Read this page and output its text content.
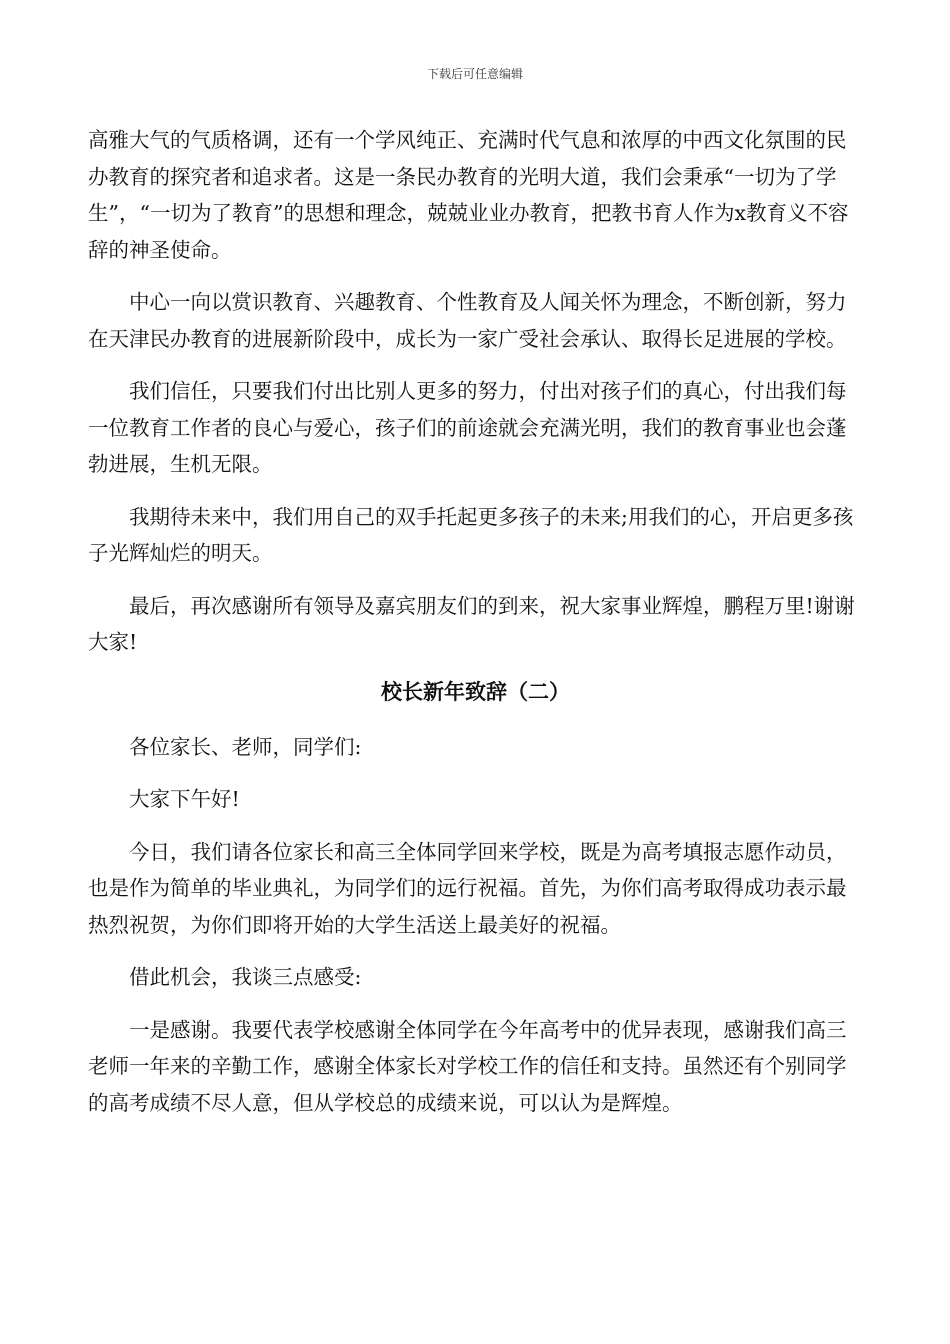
下载后可任意编辑

高雅大气的气质格调，还有一个学风纯正、充满时代气息和浓厚的中西文化氛围的民办教育的探究者和追求者。这是一条民办教育的光明大道，我们会秉承“一切为了学生”，“一切为了教育”的思想和理念，兢兢业业办教育，把教书育人作为x教育义不容辞的神圣使命。

中心一向以赏识教育、兴趣教育、个性教育及人闻关怀为理念，不断创新，努力在天津民办教育的进展新阶段中，成长为一家广受社会承认、取得长足进展的学校。

我们信任，只要我们付出比别人更多的努力，付出对孩子们的真心，付出我们每一位教育工作者的良心与爱心，孩子们的前途就会充满光明，我们的教育事业也会蓬勃进展，生机无限。

我期待未来中，我们用自己的双手托起更多孩子的未来;用我们的心，开启更多孩子光辉灿烂的明天。

最后，再次感谢所有领导及嘉宾朋友们的到来，祝大家事业辉煌，鹏程万里!谢谢大家!

校长新年致辞（二）

各位家长、老师，同学们:

大家下午好!

今日，我们请各位家长和高三全体同学回来学校，既是为高考填报志愿作动员，也是作为简单的毕业典礼，为同学们的远行祝福。首先，为你们高考取得成功表示最热烈祝贺，为你们即将开始的大学生活送上最美好的祝福。

借此机会，我谈三点感受:

一是感谢。我要代表学校感谢全体同学在今年高考中的优异表现，感谢我们高三老师一年来的辛勤工作，感谢全体家长对学校工作的信任和支持。虽然还有个别同学的高考成绩不尽人意，但从学校总的成绩来说，可以认为是辉煌。
